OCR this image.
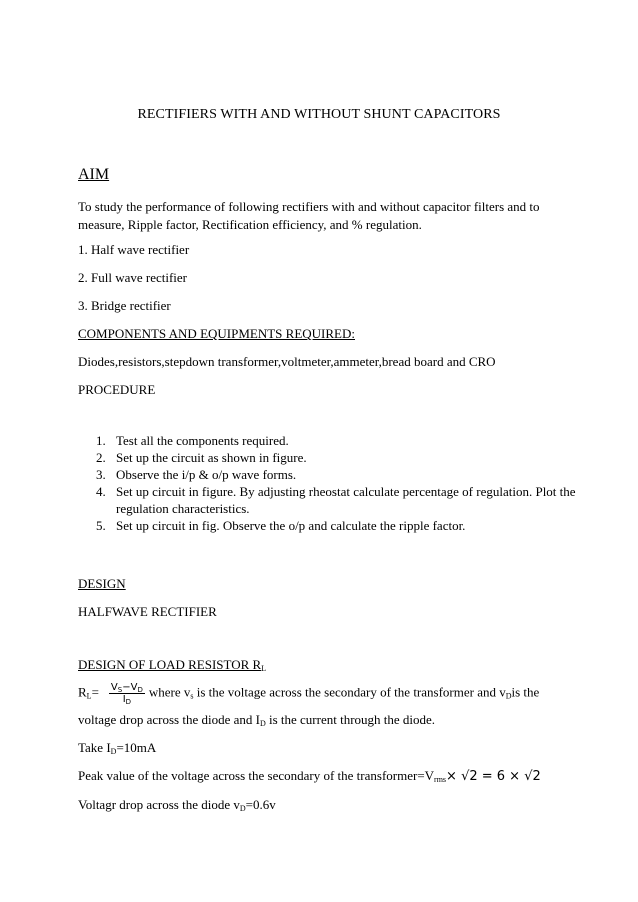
RECTIFIERS WITH AND WITHOUT SHUNT CAPACITORS
AIM
To study the performance of following rectifiers with and without capacitor filters and to
measure, Ripple factor, Rectification efficiency, and % regulation.
1. Half wave rectifier
2. Full wave rectifier
3. Bridge rectifier
COMPONENTS AND EQUIPMENTS REQUIRED:
Diodes,resistors,stepdown transformer,voltmeter,ammeter,bread board and CRO
PROCEDURE
1. Test all the components required.
2. Set up the circuit as shown in figure.
3. Observe the i/p & o/p wave forms.
4. Set up circuit in figure. By adjusting rheostat calculate percentage of regulation. Plot the regulation characteristics.
5. Set up circuit in fig. Observe the o/p and calculate the ripple factor.
DESIGN
HALFWAVE RECTIFIER
DESIGN OF LOAD RESISTOR $R_L$
$R_L= \frac{V_S-V_D}{I_D}$ where $v_s$ is the voltage across the secondary of the transformer and $v_Dis$ the
voltage drop across the diode and $I_D$ is the current through the diode.
Take $I_D=10mA$
Peak value of the voltage across the secondary of the $transformer=V_{rms}\times √2 = 6 \times √2$
Voltagr drop across the diode $v_D=0.6v$
